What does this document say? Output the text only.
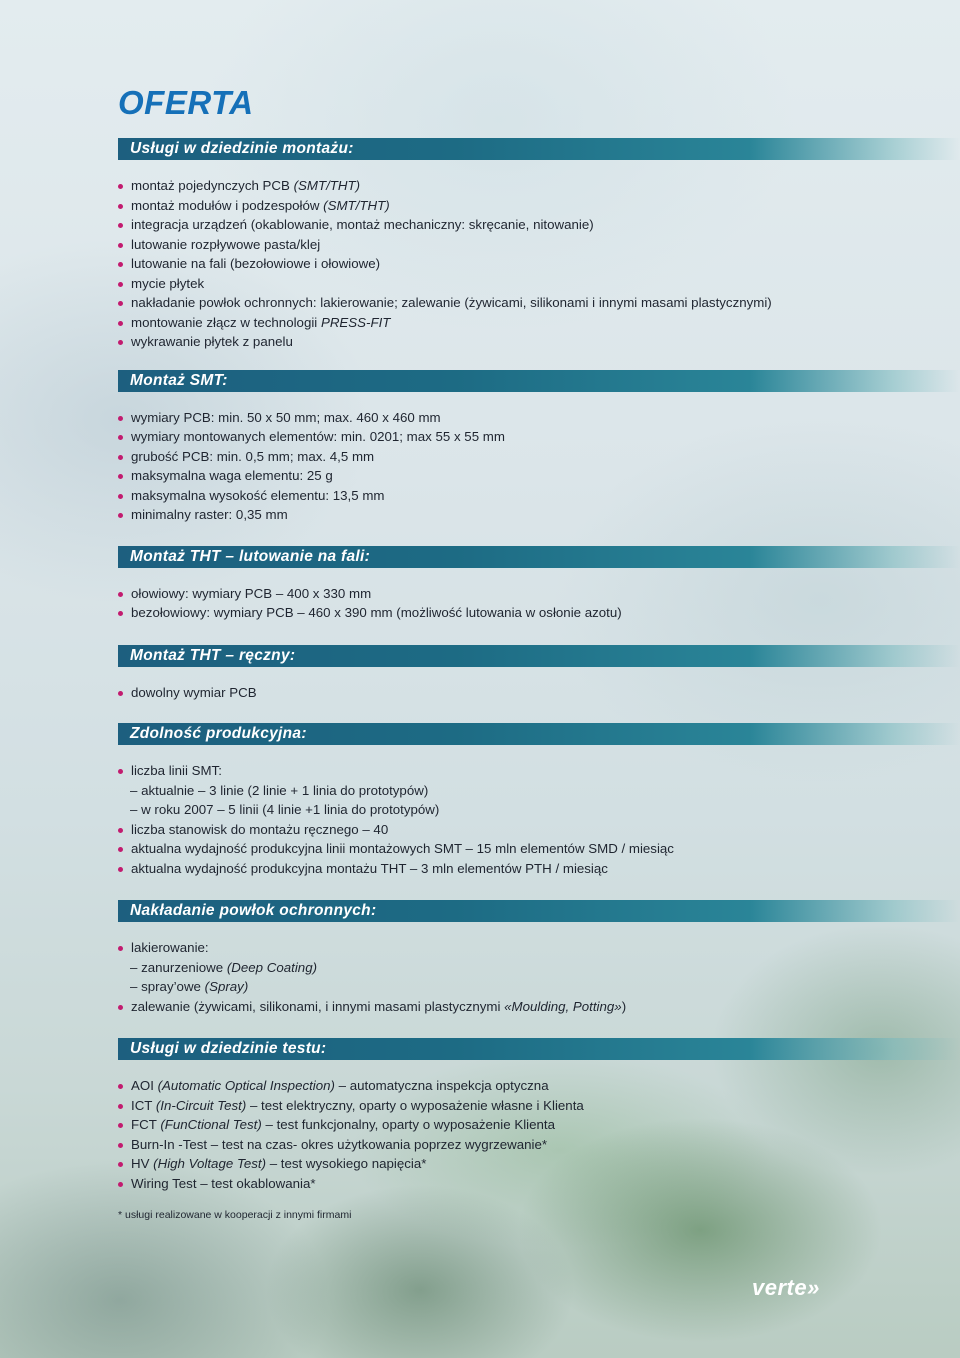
OFERTA
Usługi w dziedzinie montażu:
montaż pojedynczych PCB (SMT/THT)
montaż modułów i podzespołów (SMT/THT)
integracja urządzeń (okablowanie, montaż mechaniczny: skręcanie, nitowanie)
lutowanie rozpływowe pasta/klej
lutowanie na fali (bezołowiowe i ołowiowe)
mycie płytek
nakładanie powłok ochronnych: lakierowanie; zalewanie (żywicami, silikonami i innymi masami plastycznymi)
montowanie złącz w technologii PRESS-FIT
wykrawanie płytek z panelu
Montaż SMT:
wymiary PCB: min. 50 x 50 mm; max. 460 x 460 mm
wymiary montowanych elementów: min. 0201; max 55 x 55 mm
grubość PCB: min. 0,5 mm; max. 4,5 mm
maksymalna waga elementu: 25 g
maksymalna wysokość elementu: 13,5 mm
minimalny raster: 0,35 mm
Montaż THT – lutowanie na fali:
ołowiowy: wymiary PCB – 400 x 330 mm
bezołowiowy: wymiary PCB – 460 x 390 mm (możliwość lutowania w osłonie azotu)
Montaż THT – ręczny:
dowolny wymiar PCB
Zdolność produkcyjna:
liczba linii SMT:
– aktualnie – 3 linie (2 linie + 1 linia do prototypów)
– w roku 2007 – 5 linii (4 linie +1 linia do prototypów)
liczba stanowisk do montażu ręcznego – 40
aktualna wydajność produkcyjna linii montażowych SMT – 15 mln elementów SMD / miesiąc
aktualna wydajność produkcyjna montażu THT – 3 mln elementów PTH / miesiąc
Nakładanie powłok ochronnych:
lakierowanie:
– zanurzeniowe (Deep Coating)
– spray’owe (Spray)
zalewanie (żywicami, silikonami, i innymi masami plastycznymi «Moulding, Potting»)
Usługi w dziedzinie testu:
AOI (Automatic Optical Inspection) – automatyczna inspekcja optyczna
ICT (In-Circuit Test) – test elektryczny, oparty o wyposażenie własne i Klienta
FCT (FunCtional Test) – test funkcjonalny, oparty o wyposażenie Klienta
Burn-In -Test – test na czas- okres użytkowania poprzez wygrzewanie*
HV (High Voltage Test) – test wysokiego napięcia*
Wiring Test – test okablowania*
* usługi realizowane w kooperacji z innymi firmami
verte»
